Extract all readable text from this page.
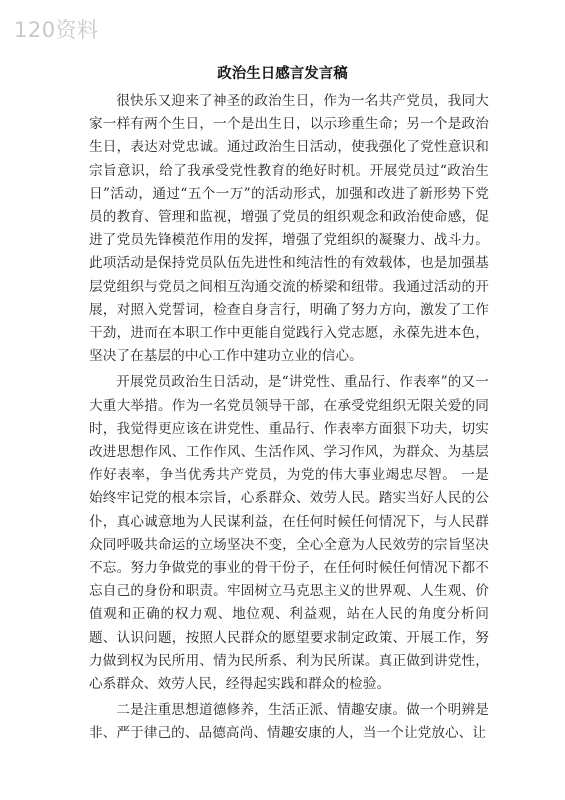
120资料
政治生日感言发言稿

很快乐又迎来了神圣的政治生日，作为一名共产党员，我同大家一样有两个生日，一个是出生日，以示珍重生命；另一个是政治生日，表达对党忠诚。通过政治生日活动，使我强化了党性意识和宗旨意识，给了我承受党性教育的绝好时机。开展党员过“政治生日”活动，通过“五个一万”的活动形式，加强和改进了新形势下党员的教育、管理和监视，增强了党员的组织观念和政治使命感，促进了党员先锋模范作用的发挥，增强了党组织的凝聚力、战斗力。此项活动是保持党员队伍先进性和纯洁性的有效载体，也是加强基层党组织与党员之间相互沟通交流的桥梁和纽带。我通过活动的开展，对照入党誓词，检查自身言行，明确了努力方向，激发了工作干劲，进而在本职工作中更能自觉践行入党志愿，永葆先进本色，坚决了在基层的中心工作中建功立业的信心。

开展党员政治生日活动，是“讲党性、重品行、作表率”的又一大重大举措。作为一名党员领导干部，在承受党组织无限关爱的同时，我觉得更应该在讲党性、重品行、作表率方面狠下功夫，切实改进思想作风、工作作风、生活作风、学习作风，为群众、为基层作好表率，争当优秀共产党员，为党的伟大事业竭忠尽智。 一是始终牢记党的根本宗旨，心系群众、效劳人民。踏实当好人民的公仆，真心诚意地为人民谋利益，在任何时候任何情况下，与人民群众同呼吸共命运的立场坚决不变，全心全意为人民效劳的宗旨坚决不忘。努力争做党的事业的骨干份子，在任何时候任何情况下都不忘自己的身份和职责。牢固树立马克思主义的世界观、人生观、价值观和正确的权力观、地位观、利益观，站在人民的角度分析问题、认识问题，按照人民群众的愿望要求制定政策、开展工作，努力做到权为民所用、情为民所系、利为民所谋。真正做到讲党性，心系群众、效劳人民，经得起实践和群众的检验。

二是注重思想道德修养，生活正派、情趣安康。做一个明辨是非、严于律己的、品德高尚、情趣安康的人，当一个让党放心、让
